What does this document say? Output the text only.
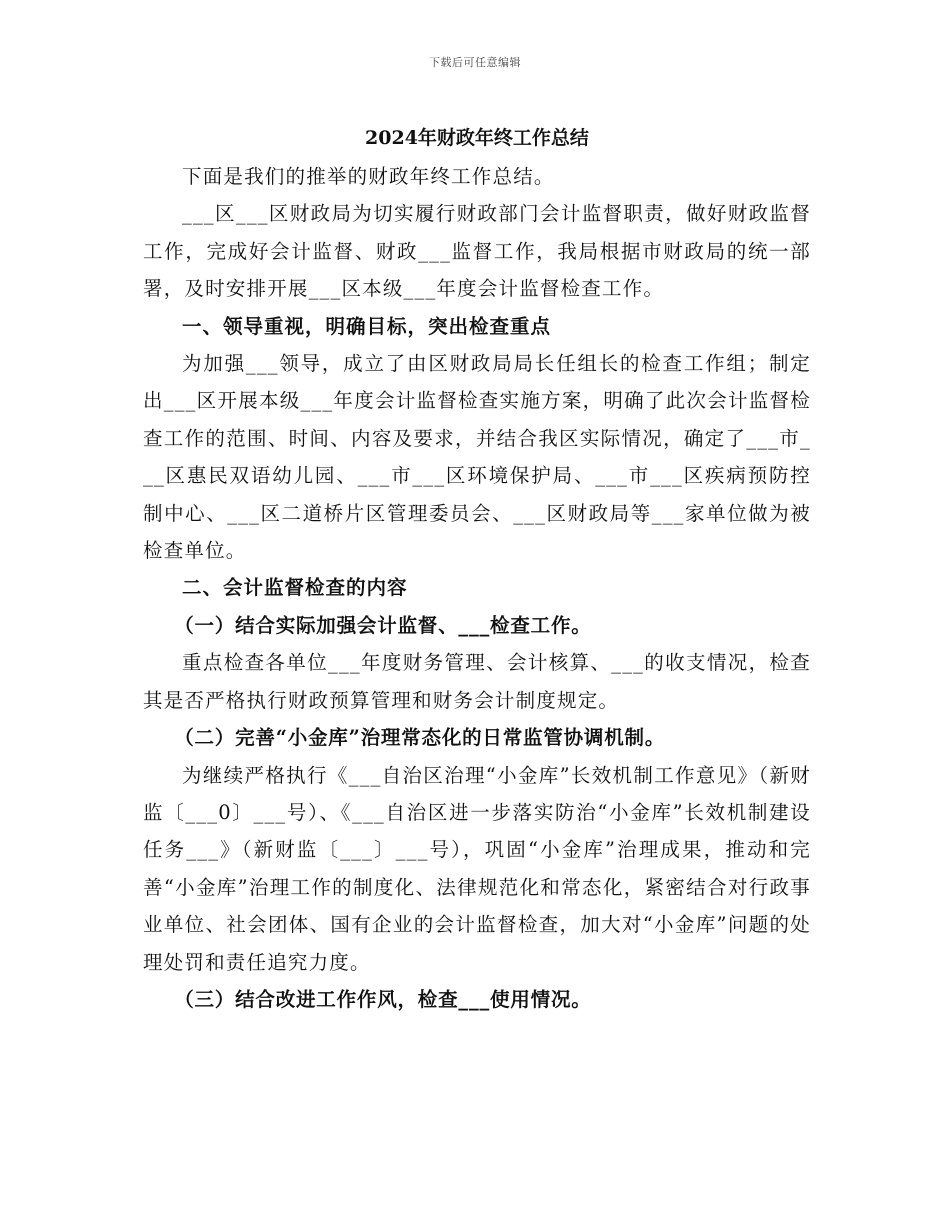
下载后可任意编辑
2024年财政年终工作总结

下面是我们的推举的财政年终工作总结。

___区___区财政局为切实履行财政部门会计监督职责，做好财政监督工作，完成好会计监督、财政___监督工作，我局根据市财政局的统一部署，及时安排开展___区本级___年度会计监督检查工作。

一、领导重视，明确目标，突出检查重点

为加强___领导，成立了由区财政局局长任组长的检查工作组；制定出___区开展本级___年度会计监督检查实施方案，明确了此次会计监督检查工作的范围、时间、内容及要求，并结合我区实际情况，确定了___市___区惠民双语幼儿园、___市___区环境保护局、___市___区疾病预防控制中心、___区二道桥片区管理委员会、___区财政局等___家单位做为被检查单位。

二、会计监督检查的内容

（一）结合实际加强会计监督、___检查工作。

重点检查各单位___年度财务管理、会计核算、___的收支情况，检查其是否严格执行财政预算管理和财务会计制度规定。

（二）完善“小金库”治理常态化的日常监管协调机制。

为继续严格执行《___自治区治理“小金库”长效机制工作意见》（新财监〔___0〕___号）、《___自治区进一步落实防治“小金库”长效机制建设任务___》（新财监〔___〕___号），巩固“小金库”治理成果，推动和完善“小金库”治理工作的制度化、法律规范化和常态化，紧密结合对行政事业单位、社会团体、国有企业的会计监督检查，加大对“小金库”问题的处理处罚和责任追究力度。

（三）结合改进工作作风，检查___使用情况。
